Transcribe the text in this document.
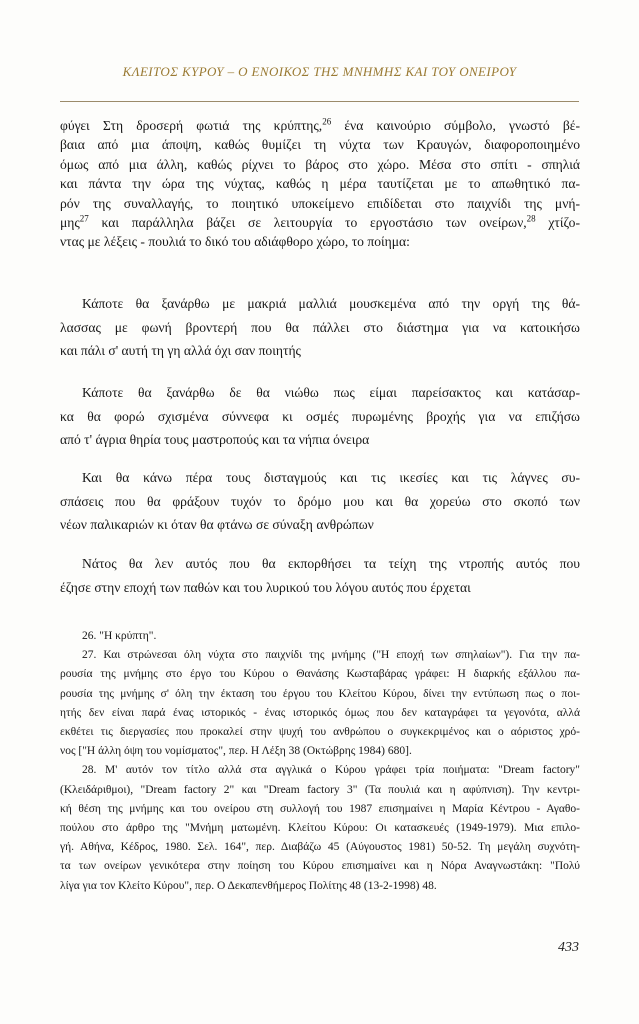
ΚΛΕΙΤΟΣ ΚΥΡΟΥ – Ο ΕΝΟΙΚΟΣ ΤΗΣ ΜΝΗΜΗΣ ΚΑΙ ΤΟΥ ΟΝΕΙΡΟΥ
φύγει Στη δροσερή φωτιά της κρύπτης,$^{26}$ ένα καινούριο σύμβολο, γνωστό βέ-
βαια από μια άποψη, καθώς θυμίζει τη νύχτα των Κραυγών, διαφοροποιημένο
όμως από μια άλλη, καθώς ρίχνει το βάρος στο χώρο. Μέσα στο σπίτι - σπηλιά
και πάντα την ώρα της νύχτας, καθώς η μέρα ταυτίζεται με το απωθητικό πα-
ρόν της συναλλαγής, το ποιητικό υποκείμενο επιδίδεται στο παιχνίδι της μνή-
μης$^{27}$ και παράλληλα βάζει σε λειτουργία το εργοστάσιο των ονείρων,$^{28}$ χτίζο-
ντας με λέξεις - πουλιά το δικό του αδιάφθορο χώρο, το ποίημα:
Κάποτε θα ξανάρθω με μακριά μαλλιά μουσκεμένα από την οργή της θά-
λασσας με φωνή βροντερή που θα πάλλει στο διάστημα για να κατοικήσω
και πάλι σ' αυτή τη γη αλλά όχι σαν ποιητής
Κάποτε θα ξανάρθω δε θα νιώθω πως είμαι παρείσακτος και κατάσαρ-
κα θα φορώ σχισμένα σύννεφα κι οσμές πυρωμένης βροχής για να επιζήσω
από τ' άγρια θηρία τους μαστροπούς και τα νήπια όνειρα
Και θα κάνω πέρα τους δισταγμούς και τις ικεσίες και τις λάγνες συ-
σπάσεις που θα φράξουν τυχόν το δρόμο μου και θα χορεύω στο σκοπό των
νέων παλικαριών κι όταν θα φτάνω σε σύναξη ανθρώπων
Νάτος θα λεν αυτός που θα εκπορθήσει τα τείχη της ντροπής αυτός που
έζησε στην εποχή των παθών και του λυρικού του λόγου αυτός που έρχεται
26. "Η κρύπτη".
27. Και στρώνεσαι όλη νύχτα στο παιχνίδι της μνήμης ("Η εποχή των σπηλαίων"). Για την πα-
ρουσία της μνήμης στο έργο του Κύρου ο Θανάσης Κωσταβάρας γράφει: Η διαρκής εξάλλου πα-
ρουσία της μνήμης σ' όλη την έκταση του έργου του Κλείτου Κύρου, δίνει την εντύπωση πως ο ποι-
ητής δεν είναι παρά ένας ιστορικός - ένας ιστορικός όμως που δεν καταγράφει τα γεγονότα, αλλά
εκθέτει τις διεργασίες που προκαλεί στην ψυχή του ανθρώπου ο συγκεκριμένος και ο αόριστος χρό-
νος ["Η άλλη όψη του νομίσματος", περ. Η Λέξη 38 (Οκτώβρης 1984) 680].
28. Μ' αυτόν τον τίτλο αλλά στα αγγλικά ο Κύρου γράφει τρία ποιήματα: "Dream factory"
(Κλειδάριθμοι), "Dream factory 2" και "Dream factory 3" (Τα πουλιά και η αφύπνιση). Την κεντρι-
κή θέση της μνήμης και του ονείρου στη συλλογή του 1987 επισημαίνει η Μαρία Κέντρου - Αγαθο-
πούλου στο άρθρο της "Μνήμη ματωμένη. Κλείτου Κύρου: Οι κατασκευές (1949-1979). Μια επιλο-
γή. Αθήνα, Κέδρος, 1980. Σελ. 164", περ. Διαβάζω 45 (Αύγουστος 1981) 50-52. Τη μεγάλη συχνότη-
τα των ονείρων γενικότερα στην ποίηση του Κύρου επισημαίνει και η Νόρα Αναγνωστάκη: "Πολύ
λίγα για τον Κλείτο Κύρου", περ. Ο Δεκαπενθήμερος Πολίτης 48 (13-2-1998) 48.
433
